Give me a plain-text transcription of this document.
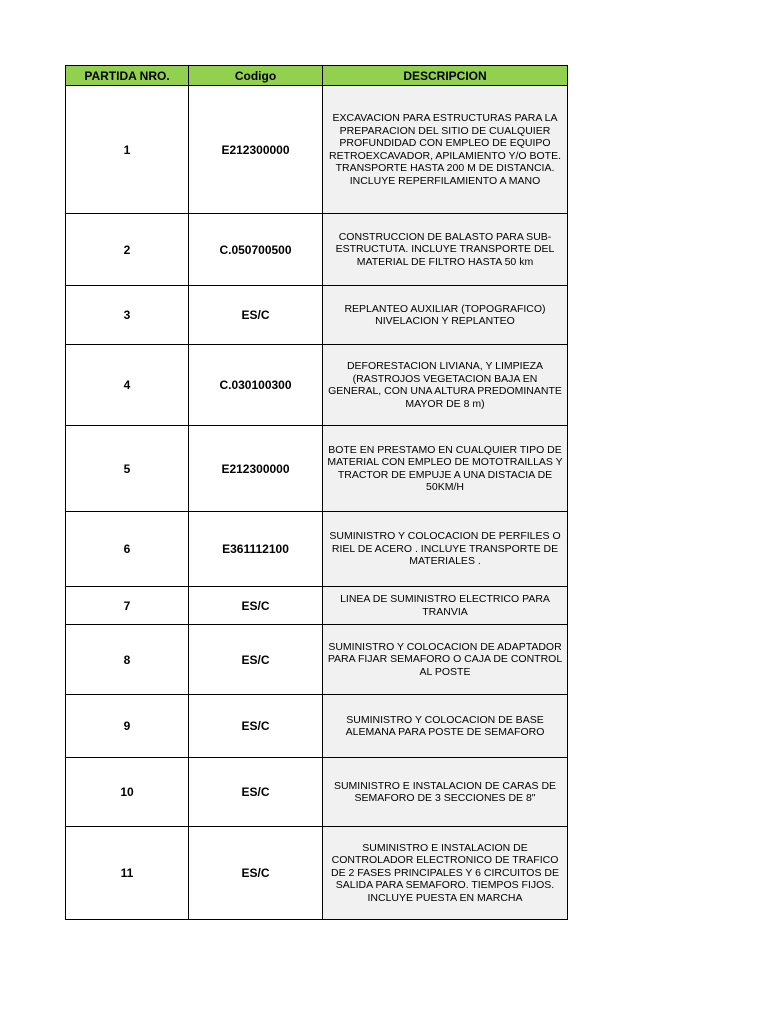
PARTIDA NRO.	Codigo	DESCRIPCION
1	E212300000	EXCAVACION PARA ESTRUCTURAS PARA LA PREPARACION DEL SITIO DE CUALQUIER PROFUNDIDAD CON EMPLEO DE EQUIPO RETROEXCAVADOR, APILAMIENTO Y/O BOTE. TRANSPORTE HASTA 200 M DE DISTANCIA. INCLUYE REPERFILAMIENTO A MANO
2	C.050700500	CONSTRUCCION DE BALASTO PARA SUB-ESTRUCTUTA. INCLUYE TRANSPORTE DEL MATERIAL DE FILTRO HASTA 50 km
3	ES/C	REPLANTEO AUXILIAR (TOPOGRAFICO) NIVELACION Y REPLANTEO
4	C.030100300	DEFORESTACION LIVIANA, Y LIMPIEZA (RASTROJOS VEGETACION BAJA EN GENERAL, CON UNA ALTURA PREDOMINANTE MAYOR DE 8 m)
5	E212300000	BOTE EN PRESTAMO EN CUALQUIER TIPO DE MATERIAL CON EMPLEO DE MOTOTRAILLAS Y TRACTOR DE EMPUJE A UNA DISTACIA DE 50KM/H
6	E361112100	SUMINISTRO Y COLOCACION DE PERFILES O RIEL DE ACERO . INCLUYE TRANSPORTE DE MATERIALES .
7	ES/C	LINEA DE SUMINISTRO ELECTRICO PARA TRANVIA
8	ES/C	SUMINISTRO Y COLOCACION DE ADAPTADOR PARA FIJAR SEMAFORO O CAJA DE CONTROL AL POSTE
9	ES/C	SUMINISTRO Y COLOCACION DE BASE ALEMANA PARA POSTE DE SEMAFORO
10	ES/C	SUMINISTRO E INSTALACION DE CARAS DE SEMAFORO DE 3 SECCIONES DE 8"
11	ES/C	SUMINISTRO E INSTALACION DE CONTROLADOR ELECTRONICO DE TRAFICO DE 2 FASES PRINCIPALES Y 6 CIRCUITOS DE SALIDA PARA SEMAFORO. TIEMPOS FIJOS. INCLUYE PUESTA EN MARCHA
